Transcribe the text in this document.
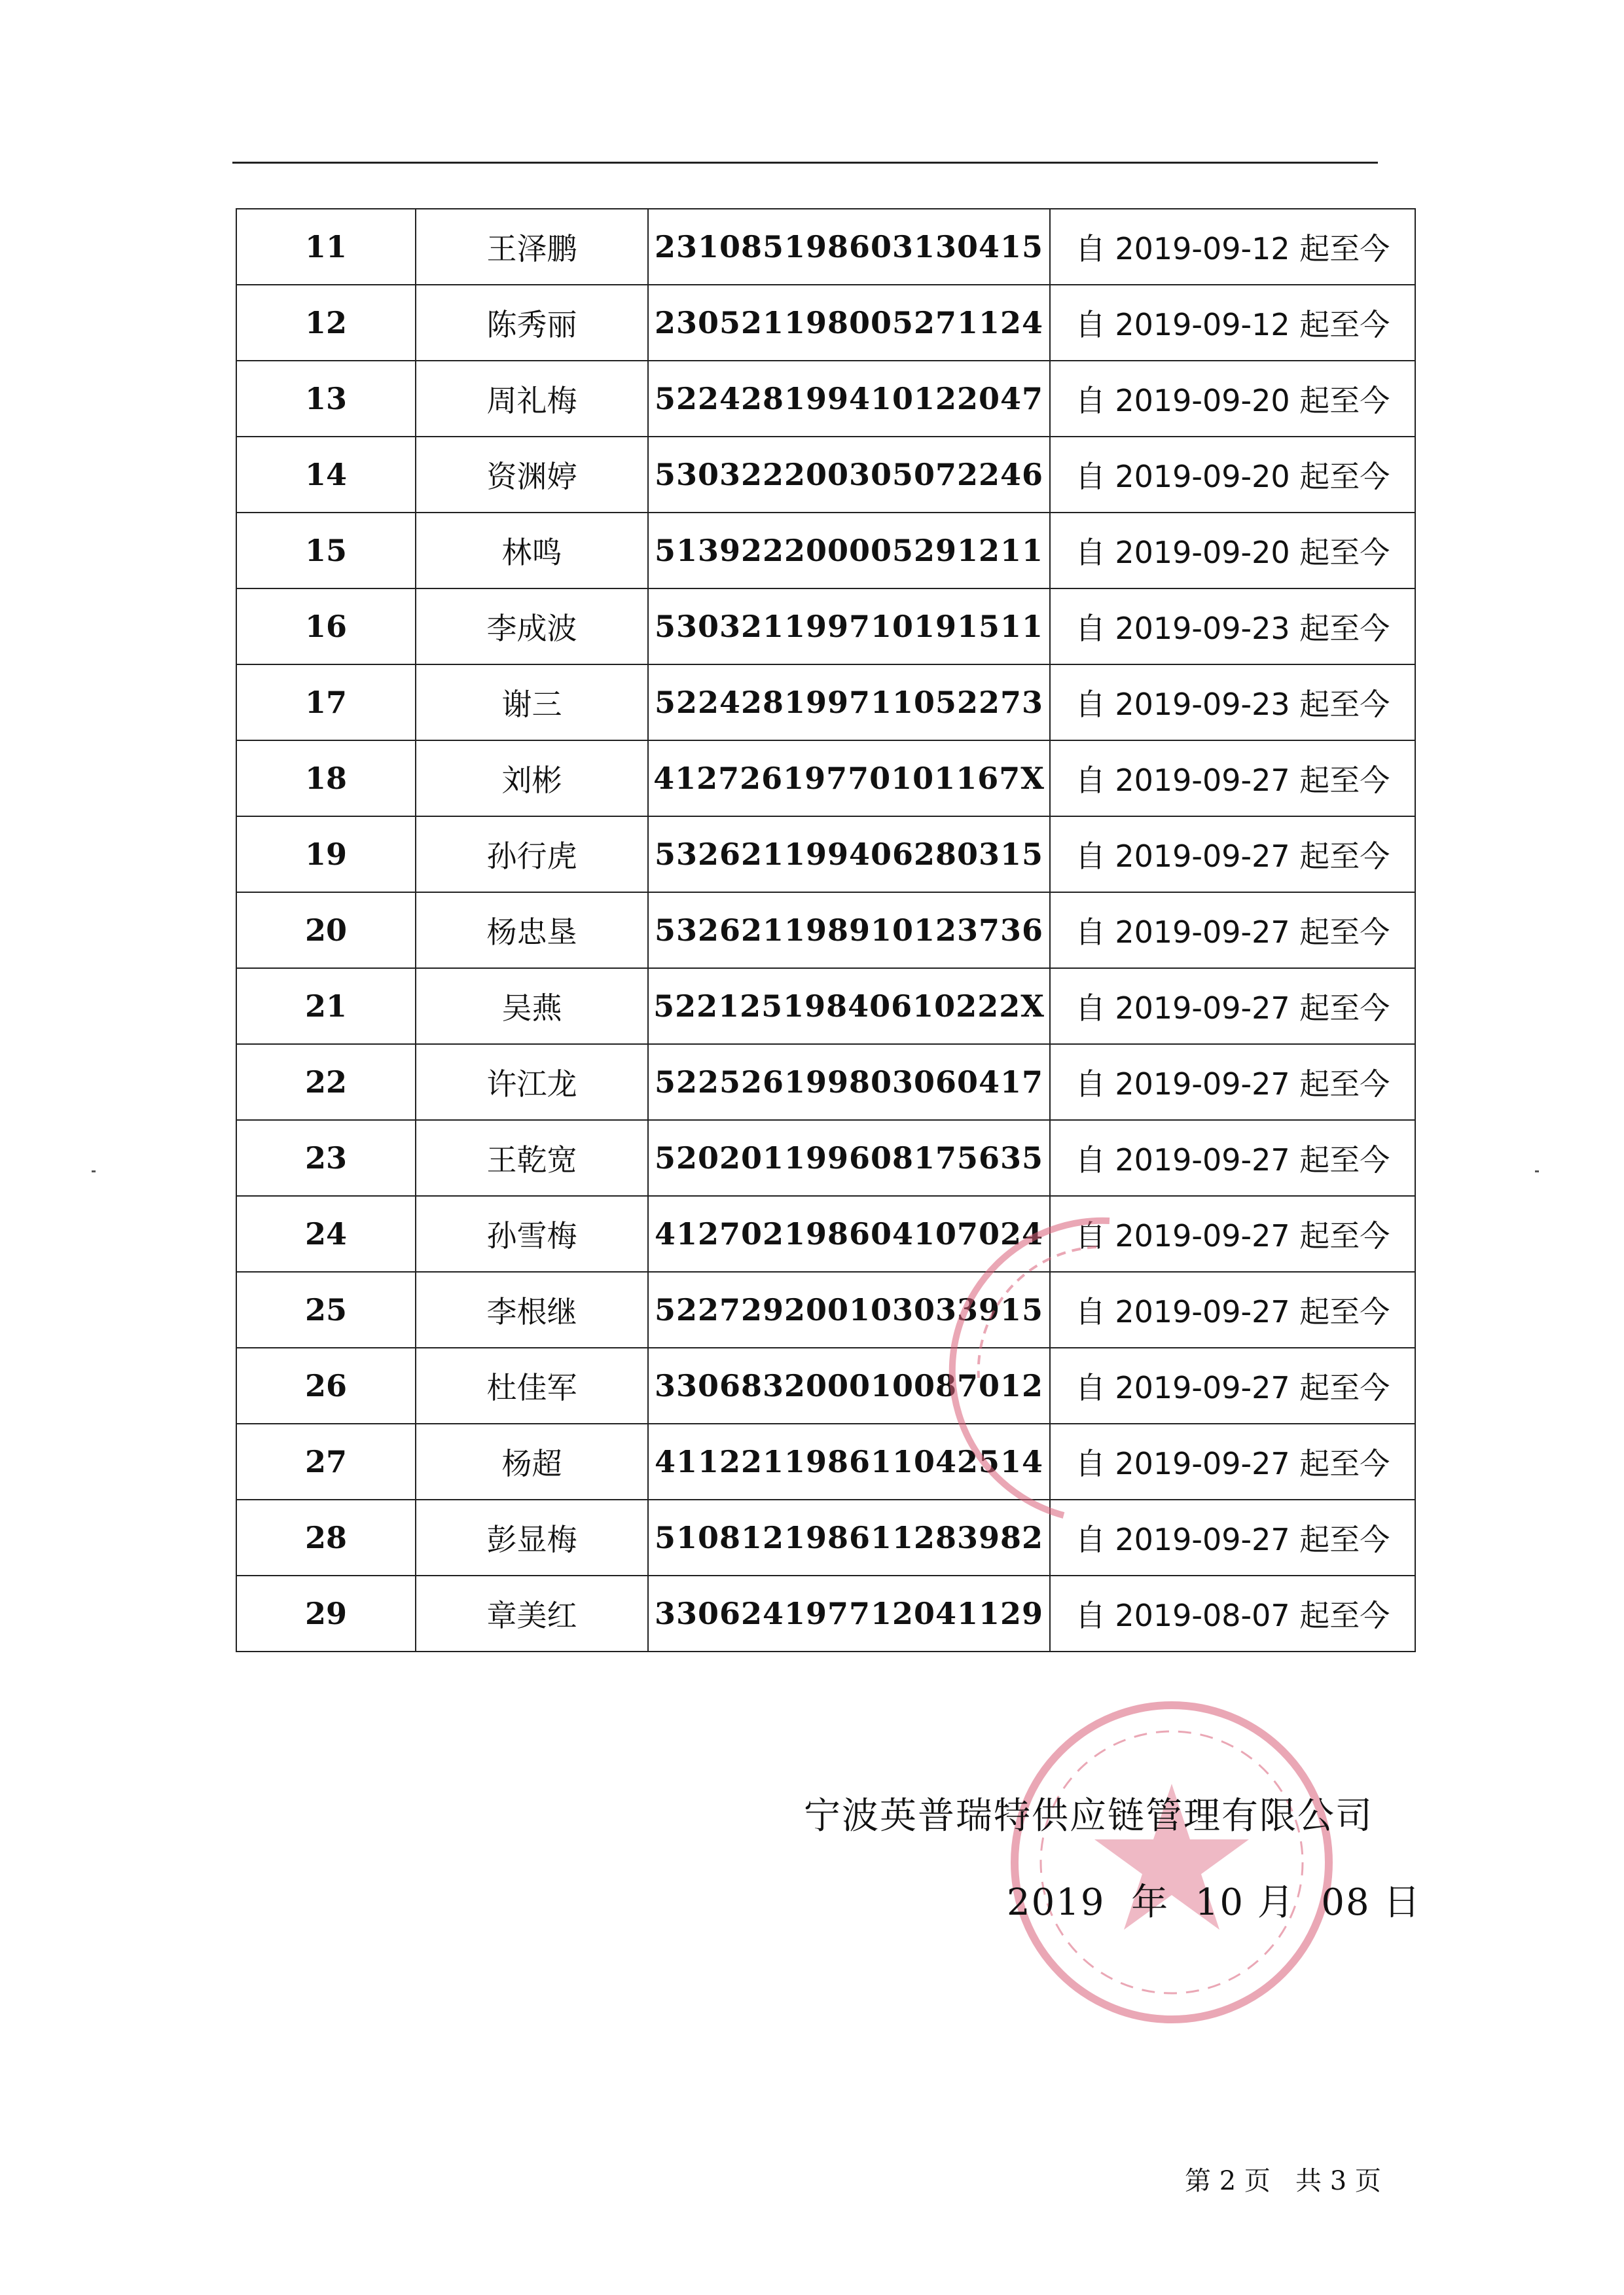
11	王泽鹏	231085198603130415	自 2019-09-12 起至今
12	陈秀丽	230521198005271124	自 2019-09-12 起至今
13	周礼梅	522428199410122047	自 2019-09-20 起至今
14	资渊婷	530322200305072246	自 2019-09-20 起至今
15	林鸣	513922200005291211	自 2019-09-20 起至今
16	李成波	530321199710191511	自 2019-09-23 起至今
17	谢三	522428199711052273	自 2019-09-23 起至今
18	刘彬	41272619770101167X	自 2019-09-27 起至今
19	孙行虎	532621199406280315	自 2019-09-27 起至今
20	杨忠垦	532621198910123736	自 2019-09-27 起至今
21	吴燕	52212519840610222X	自 2019-09-27 起至今
22	许江龙	522526199803060417	自 2019-09-27 起至今
23	王乾宽	520201199608175635	自 2019-09-27 起至今
24	孙雪梅	412702198604107024	自 2019-09-27 起至今
25	李根继	522729200103033915	自 2019-09-27 起至今
26	杜佳军	330683200010087012	自 2019-09-27 起至今
27	杨超	411221198611042514	自 2019-09-27 起至今
28	彭显梅	510812198611283982	自 2019-09-27 起至今
29	章美红	330624197712041129	自 2019-08-07 起至今
宁波英普瑞特供应链管理有限公司
2019  年  10 月  08 日
第 2 页   共 3 页
